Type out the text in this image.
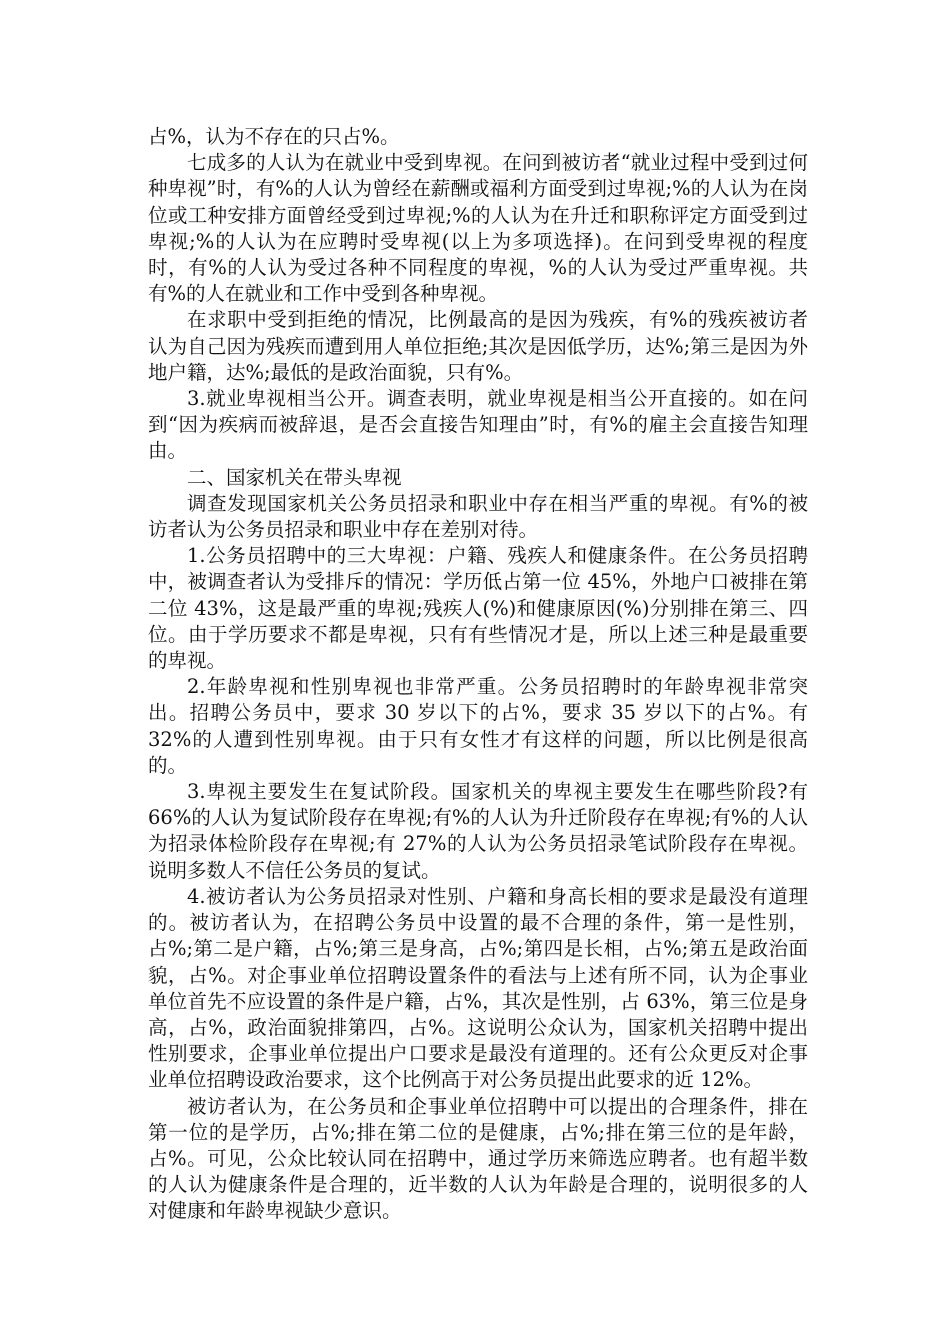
占%，认为不存在的只占%。

七成多的人认为在就业中受到卑视。在问到被访者“就业过程中受到过何种卑视”时，有%的人认为曾经在薪酬或福利方面受到过卑视;%的人认为在岗位或工种安排方面曾经受到过卑视;%的人认为在升迁和职称评定方面受到过卑视;%的人认为在应聘时受卑视(以上为多项选择)。在问到受卑视的程度时，有%的人认为受过各种不同程度的卑视，%的人认为受过严重卑视。共有%的人在就业和工作中受到各种卑视。

在求职中受到拒绝的情况，比例最高的是因为残疾，有%的残疾被访者认为自己因为残疾而遭到用人单位拒绝;其次是因低学历，达%;第三是因为外地户籍，达%;最低的是政治面貌，只有%。

3.就业卑视相当公开。调查表明，就业卑视是相当公开直接的。如在问到“因为疾病而被辞退，是否会直接告知理由”时，有%的雇主会直接告知理由。

二、国家机关在带头卑视

调查发现国家机关公务员招录和职业中存在相当严重的卑视。有%的被访者认为公务员招录和职业中存在差别对待。

1.公务员招聘中的三大卑视：户籍、残疾人和健康条件。在公务员招聘中，被调查者认为受排斥的情况：学历低占第一位 45%，外地户口被排在第二位 43%，这是最严重的卑视;残疾人(%)和健康原因(%)分别排在第三、四位。由于学历要求不都是卑视，只有有些情况才是，所以上述三种是最重要的卑视。

2.年龄卑视和性别卑视也非常严重。公务员招聘时的年龄卑视非常突出。招聘公务员中，要求 30 岁以下的占%，要求 35 岁以下的占%。有 32%的人遭到性别卑视。由于只有女性才有这样的问题，所以比例是很高的。

3.卑视主要发生在复试阶段。国家机关的卑视主要发生在哪些阶段?有 66%的人认为复试阶段存在卑视;有%的人认为升迁阶段存在卑视;有%的人认为招录体检阶段存在卑视;有 27%的人认为公务员招录笔试阶段存在卑视。说明多数人不信任公务员的复试。

4.被访者认为公务员招录对性别、户籍和身高长相的要求是最没有道理的。被访者认为，在招聘公务员中设置的最不合理的条件，第一是性别，占%;第二是户籍，占%;第三是身高，占%;第四是长相，占%;第五是政治面貌，占%。对企事业单位招聘设置条件的看法与上述有所不同，认为企事业单位首先不应设置的条件是户籍，占%，其次是性别，占 63%，第三位是身高，占%，政治面貌排第四，占%。这说明公众认为，国家机关招聘中提出性别要求，企事业单位提出户口要求是最没有道理的。还有公众更反对企事业单位招聘设政治要求，这个比例高于对公务员提出此要求的近 12%。

被访者认为，在公务员和企事业单位招聘中可以提出的合理条件，排在第一位的是学历，占%;排在第二位的是健康，占%;排在第三位的是年龄，占%。可见，公众比较认同在招聘中，通过学历来筛选应聘者。也有超半数的人认为健康条件是合理的，近半数的人认为年龄是合理的，说明很多的人对健康和年龄卑视缺少意识。
